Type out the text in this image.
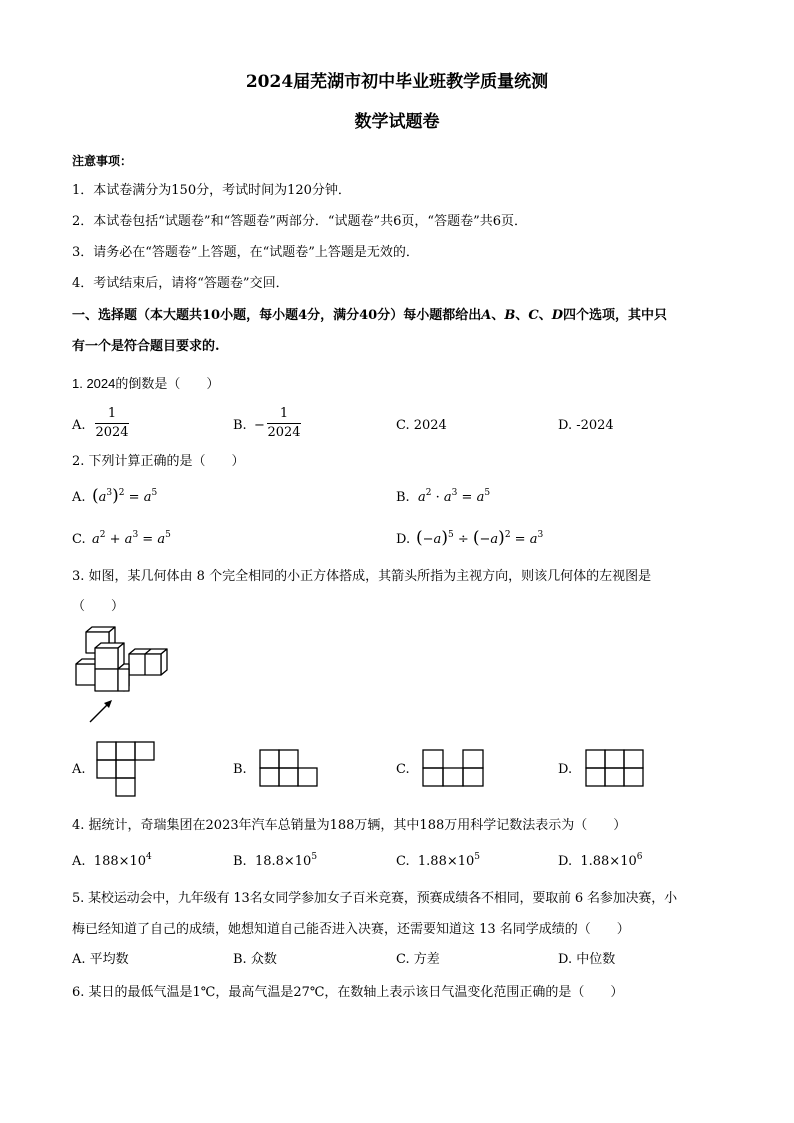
2024届芜湖市初中毕业班教学质量统测
数学试题卷
注意事项：
1．本试卷满分为150分，考试时间为120分钟．
2．本试卷包括“试题卷”和“答题卷”两部分．“试题卷”共6页，“答题卷”共6页．
3．请务必在“答题卷”上答题，在“试题卷”上答题是无效的．
4．考试结束后，请将“答题卷”交回．
一、选择题（本大题共10小题，每小题4分，满分40分）每小题都给出A、B、C、D四个选项，其中只
有一个是符合题目要求的.
1. 2024的倒数是（　　）
A.
1
2024	B. −
1
2024	C. 2024	D. -2024
2. 下列计算正确的是（　　）
A. $(a^3)^2 = a^5$	B. $a^2 \cdot a^3 = a^5$
C. $a^2 + a^3 = a^5$	D. $(-a)^5 \div (-a)^2 = a^3$
3. 如图，某几何体由 8 个完全相同的小正方体搭成，其箭头所指为主视方向，则该几何体的左视图是
（　　）
A.	B.	C.	D.
4. 据统计，奇瑞集团在2023年汽车总销量为188万辆，其中188万用科学记数法表示为（　　）
A. $188\times 10^4$	B. $18.8\times 10^5$	C. $1.88\times 10^5$	D. $1.88\times 10^6$
5. 某校运动会中，九年级有 13名女同学参加女子百米竞赛，预赛成绩各不相同，要取前 6 名参加决赛，小
梅已经知道了自己的成绩，她想知道自己能否进入决赛，还需要知道这 13 名同学成绩的（　　）
A. 平均数	B. 众数	C. 方差	D. 中位数
6. 某日的最低气温是1℃，最高气温是27℃，在数轴上表示该日气温变化范围正确的是（　　）
